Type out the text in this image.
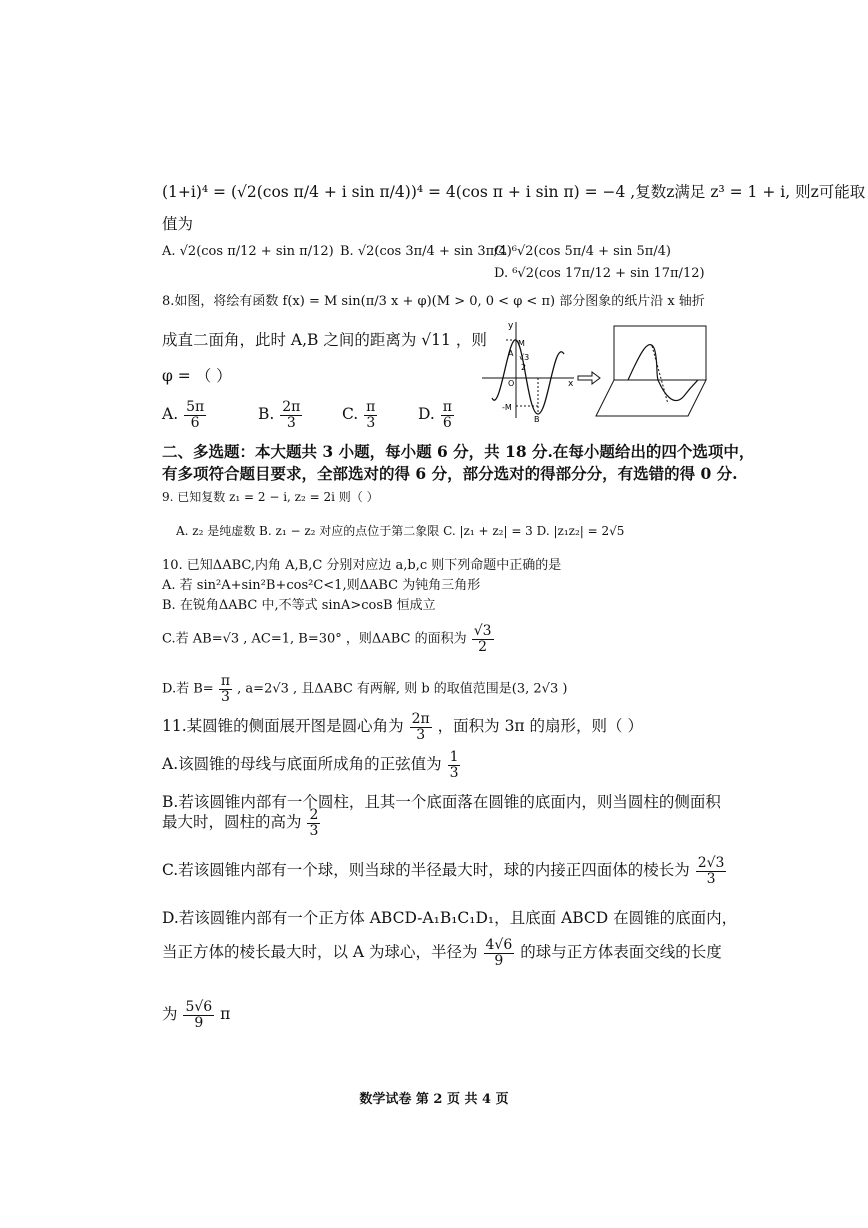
(1+i)⁴ = (√2(cos π/4 + i sin π/4))⁴ = 4(cos π + i sin π) = −4 ,复数z满足 z³ = 1 + i, 则z可能取
值为
A. √2(cos π/12 + sin π/12) B. √2(cos 3π/4 + sin 3π/4)
C. ⁶√2(cos 5π/4 + sin 5π/4)
D. ⁶√2(cos 17π/12 + sin 17π/12)
8.如图，将绘有函数 f(x) = M sin(π/3 x + φ)(M > 0, 0 < φ < π) 部分图象的纸片沿 x 轴折
成直二面角，此时 A,B 之间的距离为 √11 ，则
φ = （ ）
A. $\frac{5\pi}{6}$	B. $\frac{2\pi}{3}$	C. $\frac{\pi}{3}$	D. $\frac{\pi}{6}$
y
M
√3
2
A
O	x
-M
B
二、多选题：本大题共 3 小题，每小题 6 分，共 18 分.在每小题给出的四个选项中，
有多项符合题目要求，全部选对的得 6 分，部分选对的得部分分，有选错的得 0 分.
9. 已知复数 z₁ = 2 − i, z₂ = 2i 则（ ）
A. z₂ 是纯虚数 B. z₁ − z₂ 对应的点位于第二象限 C. |z₁ + z₂| = 3 D. |z₁z₂| = 2√5
10. 已知ΔABC,内角 A,B,C 分别对应边 a,b,c 则下列命题中正确的是
A. 若 sin²A+sin²B+cos²C<1,则ΔABC 为钝角三角形
B. 在锐角ΔABC 中,不等式 sinA>cosB 恒成立
C.若 AB=√3 , AC=1, B=30° ，则ΔABC 的面积为 $\frac{√3}{2}$
D.若 $B= \frac{\pi}{3}$ , a=2√3 , 且ΔABC 有两解, 则 b 的取值范围是(3, 2√3 )
11.某圆锥的侧面展开图是圆心角为 $\frac{2\pi}{3}$ ，面积为 3π 的扇形，则（ ）
A.该圆锥的母线与底面所成角的正弦值为 $\frac{1}{3}$
B.若该圆锥内部有一个圆柱，且其一个底面落在圆锥的底面内，则当圆柱的侧面积
最大时，圆柱的高为 $\frac{2}{3}$
C.若该圆锥内部有一个球，则当球的半径最大时，球的内接正四面体的棱长为 $\frac{2√3}{3}$
D.若该圆锥内部有一个正方体 ABCD-A₁B₁C₁D₁，且底面 ABCD 在圆锥的底面内，
当正方体的棱长最大时，以 A 为球心，半径为 $\frac{4√6}{9}$ 的球与正方体表面交线的长度
为 $\frac{5√6}{9}$ π
数学试卷 第 2 页 共 4 页
